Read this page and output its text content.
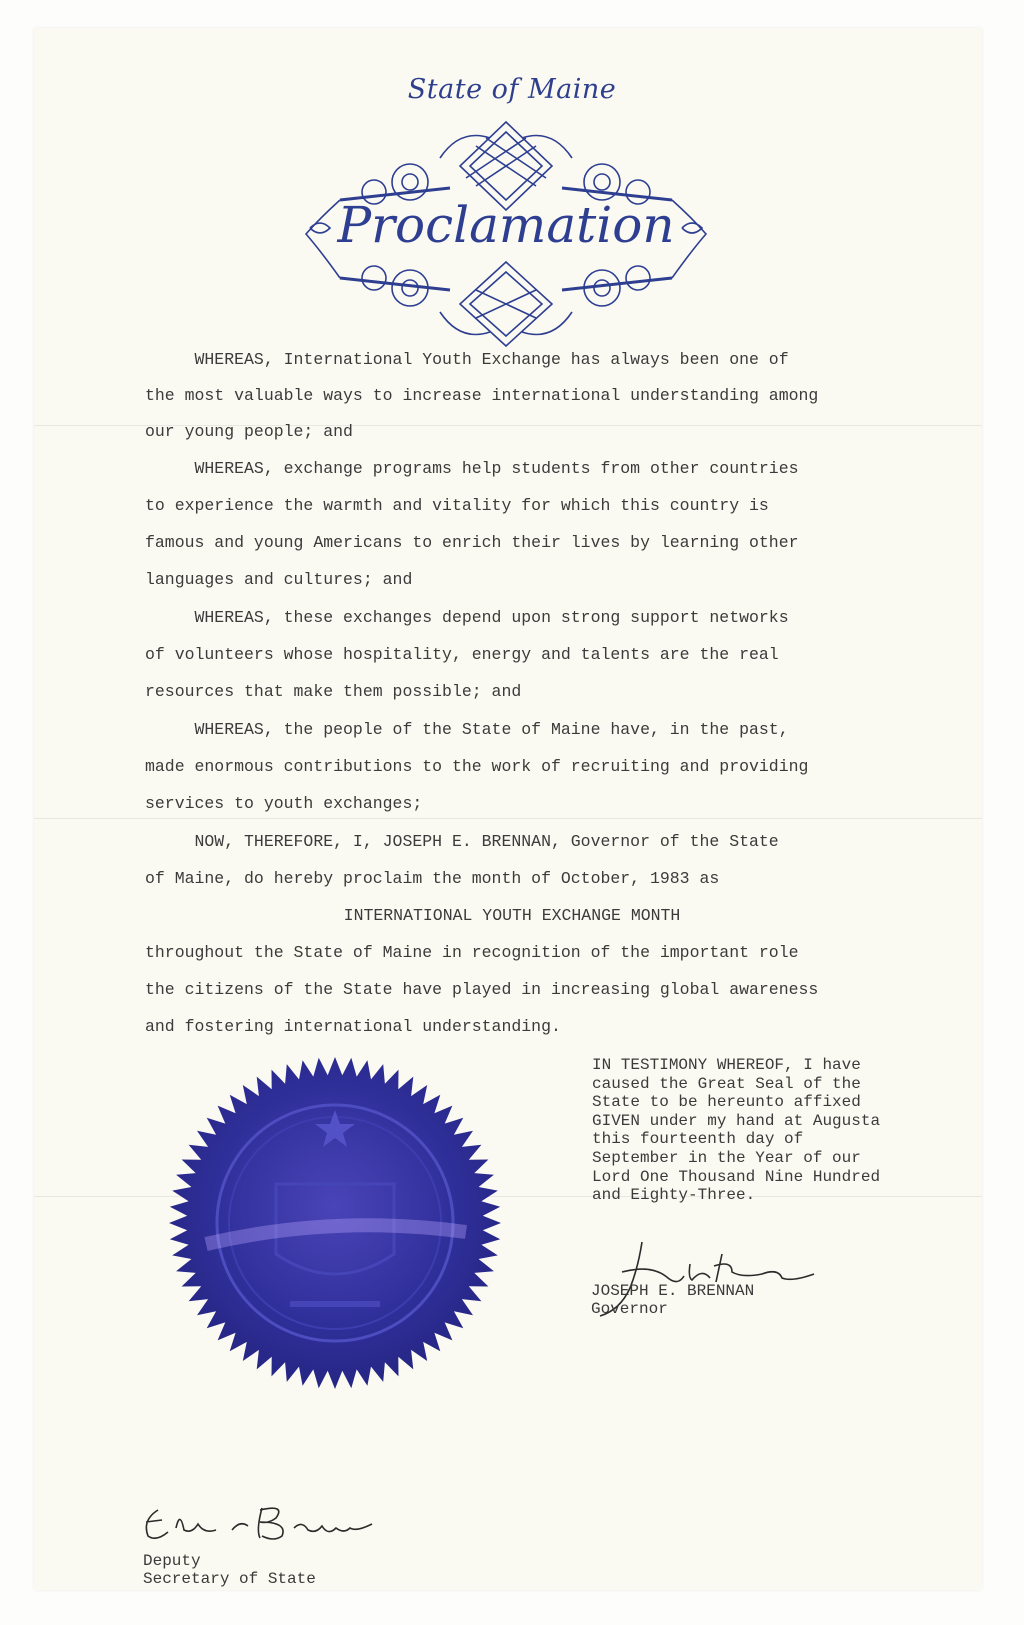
State of Maine
Proclamation
WHEREAS, International Youth Exchange has always been one of
the most valuable ways to increase international understanding among
our young people; and
WHEREAS, exchange programs help students from other countries
to experience the warmth and vitality for which this country is
famous and young Americans to enrich their lives by learning other
languages and cultures; and
WHEREAS, these exchanges depend upon strong support networks
of volunteers whose hospitality, energy and talents are the real
resources that make them possible; and
WHEREAS, the people of the State of Maine have, in the past,
made enormous contributions to the work of recruiting and providing
services to youth exchanges;
NOW, THEREFORE, I, JOSEPH E. BRENNAN, Governor of the State
of Maine, do hereby proclaim the month of October, 1983 as
INTERNATIONAL YOUTH EXCHANGE MONTH
throughout the State of Maine in recognition of the important role
the citizens of the State have played in increasing global awareness
and fostering international understanding.
IN TESTIMONY WHEREOF, I have
caused the Great Seal of the
State to be hereunto affixed
GIVEN under my hand at Augusta
this fourteenth day of
September in the Year of our
Lord One Thousand Nine Hundred
and Eighty-Three.
JOSEPH E. BRENNAN
Governor
Deputy
Secretary of State
